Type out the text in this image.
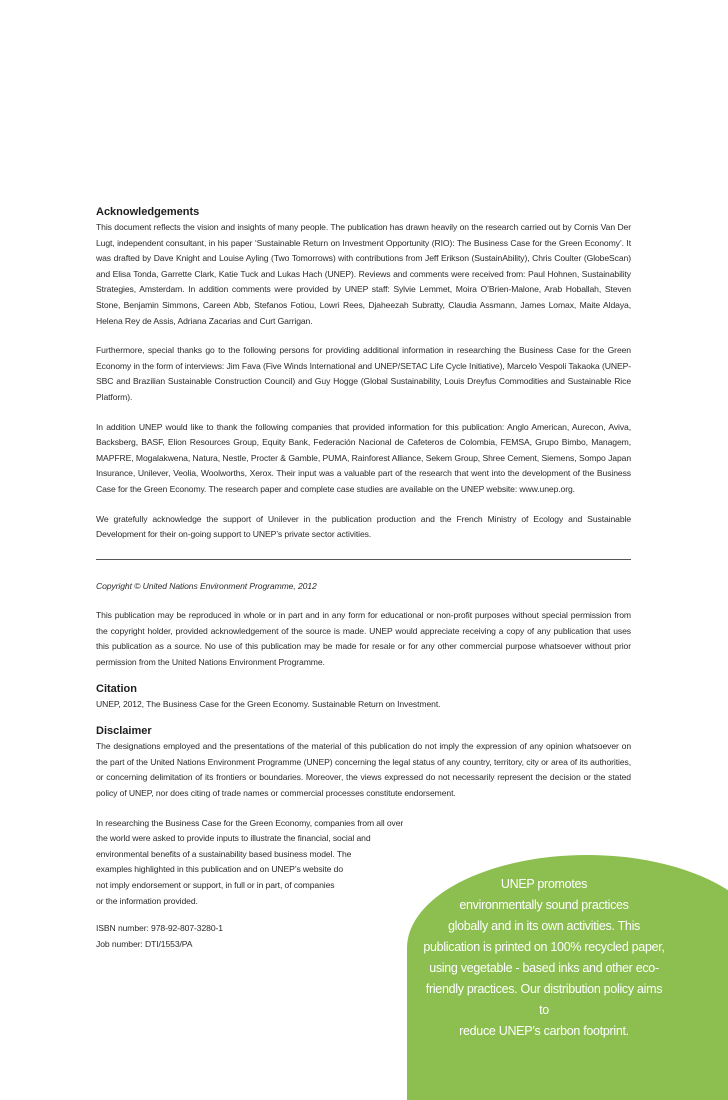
Acknowledgements

This document reflects the vision and insights of many people. The publication has drawn heavily on the research carried out by Cornis Van Der Lugt, independent consultant, in his paper ‘Sustainable Return on Investment Opportunity (RIO): The Business Case for the Green Economy’. It was drafted by Dave Knight and Louise Ayling (Two Tomorrows) with contributions from Jeff Erikson (SustainAbility), Chris Coulter (GlobeScan) and Elisa Tonda, Garrette Clark, Katie Tuck and Lukas Hach (UNEP). Reviews and comments were received from: Paul Hohnen, Sustainability Strategies, Amsterdam. In addition comments were provided by UNEP staff: Sylvie Lemmet, Moira O’Brien-Malone, Arab Hoballah, Steven Stone, Benjamin Simmons, Careen Abb, Stefanos Fotiou, Lowri Rees, Djaheezah Subratty, Claudia Assmann, James Lomax, Maite Aldaya, Helena Rey de Assis, Adriana Zacarias and Curt Garrigan.

Furthermore, special thanks go to the following persons for providing additional information in researching the Business Case for the Green Economy in the form of interviews: Jim Fava (Five Winds International and UNEP/SETAC Life Cycle Initiative), Marcelo Vespoli Takaoka (UNEP-SBC and Brazilian Sustainable Construction Council) and Guy Hogge (Global Sustainability, Louis Dreyfus Commodities and Sustainable Rice Platform).

In addition UNEP would like to thank the following companies that provided information for this publication: Anglo American, Aurecon, Aviva, Backsberg, BASF, Elion Resources Group, Equity Bank, Federación Nacional de Cafeteros de Colombia, FEMSA, Grupo Bimbo, Managem, MAPFRE, Mogalakwena, Natura, Nestle, Procter & Gamble, PUMA, Rainforest Alliance, Sekem Group, Shree Cement, Siemens, Sompo Japan Insurance, Unilever, Veolia, Woolworths, Xerox. Their input was a valuable part of the research that went into the development of the Business Case for the Green Economy. The research paper and complete case studies are available on the UNEP website: www.unep.org.

We gratefully acknowledge the support of Unilever in the publication production and the French Ministry of Ecology and Sustainable Development for their on-going support to UNEP’s private sector activities.

Copyright © United Nations Environment Programme, 2012

This publication may be reproduced in whole or in part and in any form for educational or non-profit purposes without special permission from the copyright holder, provided acknowledgement of the source is made. UNEP would appreciate receiving a copy of any publication that uses this publication as a source. No use of this publication may be made for resale or for any other commercial purpose whatsoever without prior permission from the United Nations Environment Programme.

Citation

UNEP, 2012, The Business Case for the Green Economy. Sustainable Return on Investment.

Disclaimer

The designations employed and the presentations of the material of this publication do not imply the expression of any opinion whatsoever on the part of the United Nations Environment Programme (UNEP) concerning the legal status of any country, territory, city or area of its authorities, or concerning delimitation of its frontiers or boundaries. Moreover, the views expressed do not necessarily represent the decision or the stated policy of UNEP, nor does citing of trade names or commercial processes constitute endorsement.

In researching the Business Case for the Green Economy, companies from all over

the world were asked to provide inputs to illustrate the financial, social and

environmental benefits of a sustainability based business model. The

examples highlighted in this publication and on UNEP’s website do

not imply endorsement or support, in full or in part, of companies

or the information provided.

ISBN number: 978-92-807-3280-1

Job number: DTI/1553/PA

UNEP promotes
environmentally sound practices
globally and in its own activities. This
publication is printed on 100% recycled paper,
using vegetable - based inks and other eco-
friendly practices. Our distribution policy aims to
reduce UNEP’s carbon footprint.
